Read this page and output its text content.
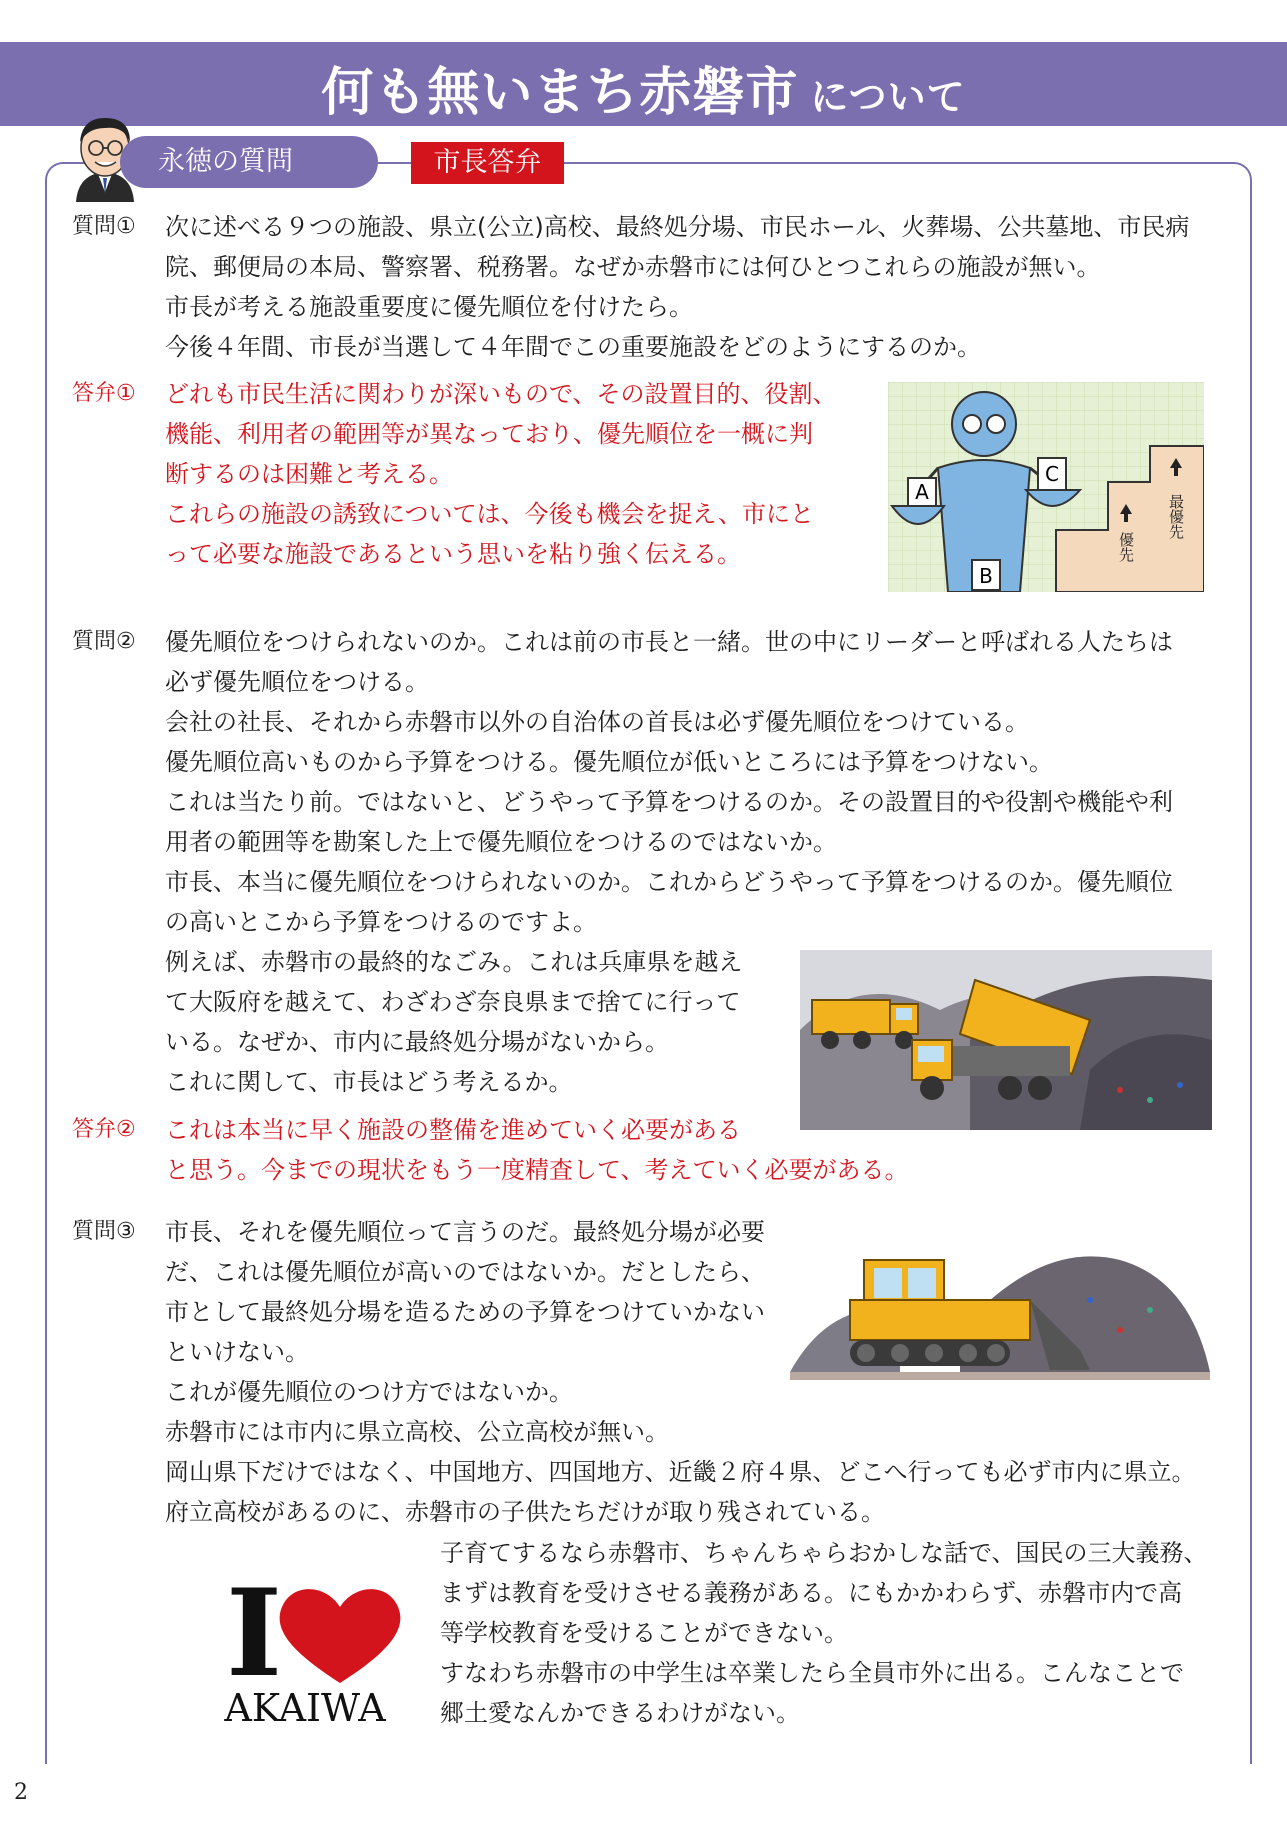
何も無いまち赤磐市 について
永徳の質問	市長答弁
質問① 次に述べる９つの施設、県立(公立)高校、最終処分場、市民ホール、火葬場、公共墓地、市民病
院、郵便局の本局、警察署、税務署。なぜか赤磐市には何ひとつこれらの施設が無い。
市長が考える施設重要度に優先順位を付けたら。
今後４年間、市長が当選して４年間でこの重要施設をどのようにするのか。
答弁① どれも市民生活に関わりが深いもので、その設置目的、役割、
機能、利用者の範囲等が異なっており、優先順位を一概に判
断するのは困難と考える。
これらの施設の誘致については、今後も機会を捉え、市にと
って必要な施設であるという思いを粘り強く伝える。	優先
最優先
A
C
B
質問② 優先順位をつけられないのか。これは前の市長と一緒。世の中にリーダーと呼ばれる人たちは
必ず優先順位をつける。
会社の社長、それから赤磐市以外の自治体の首長は必ず優先順位をつけている。
優先順位高いものから予算をつける。優先順位が低いところには予算をつけない。
これは当たり前。ではないと、どうやって予算をつけるのか。その設置目的や役割や機能や利
用者の範囲等を勘案した上で優先順位をつけるのではないか。
市長、本当に優先順位をつけられないのか。これからどうやって予算をつけるのか。優先順位
の高いとこから予算をつけるのですよ。
例えば、赤磐市の最終的なごみ。これは兵庫県を越え
て大阪府を越えて、わざわざ奈良県まで捨てに行って
いる。なぜか、市内に最終処分場がないから。
これに関して、市長はどう考えるか。
答弁② これは本当に早く施設の整備を進めていく必要がある
と思う。今までの現状をもう一度精査して、考えていく必要がある。
質問③ 市長、それを優先順位って言うのだ。最終処分場が必要
だ、これは優先順位が高いのではないか。だとしたら、
市として最終処分場を造るための予算をつけていかない
といけない。
これが優先順位のつけ方ではないか。
赤磐市には市内に県立高校、公立高校が無い。
岡山県下だけではなく、中国地方、四国地方、近畿２府４県、どこへ行っても必ず市内に県立。
府立高校があるのに、赤磐市の子供たちだけが取り残されている。
I
AKAIWA
子育てするなら赤磐市、ちゃんちゃらおかしな話で、国民の三大義務、
まずは教育を受けさせる義務がある。にもかかわらず、赤磐市内で高
等学校教育を受けることができない。
すなわち赤磐市の中学生は卒業したら全員市外に出る。こんなことで
郷土愛なんかできるわけがない。
2
